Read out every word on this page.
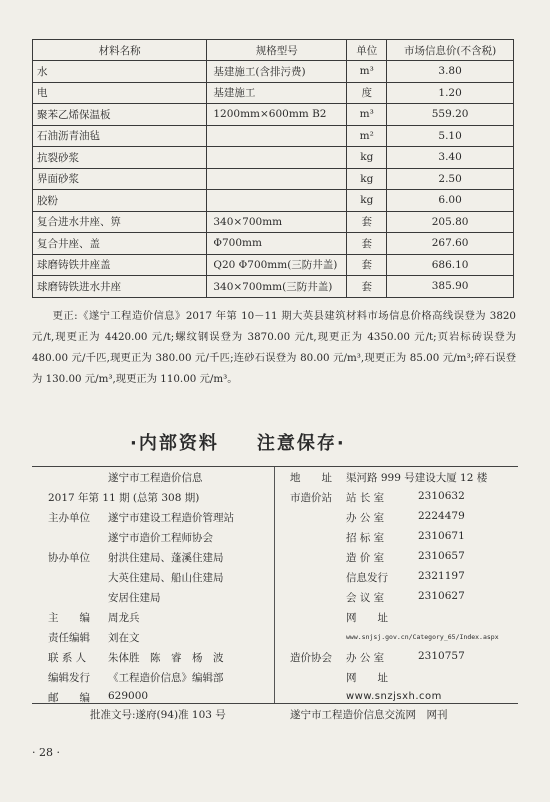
材料名称	规格型号	单位	市场信息价(不含税)
水	基建施工(含排污费)	m³	3.80
电	基建施工	度	1.20
聚苯乙烯保温板	1200mm×600mm B2	m³	559.20
石油沥青油毡		m²	5.10
抗裂砂浆		kg	3.40
界面砂浆		kg	2.50
胶粉		kg	6.00
复合进水井座、箅	340×700mm	套	205.80
复合井座、盖	Φ700mm	套	267.60
球磨铸铁井座盖	Q20 Φ700mm(三防井盖)	套	686.10
球磨铸铁进水井座	340×700mm(三防井盖)	套	385.90

更正:《遂宁工程造价信息》2017 年第 10－11 期大英县建筑材料市场信息价格高线误登为 3820 元/t,现更正为 4420.00 元/t;螺纹钢误登为 3870.00 元/t,现更正为 4350.00 元/t;页岩标砖误登为 480.00 元/千匹,现更正为 380.00 元/千匹;连砂石误登为 80.00 元/m³,现更正为 85.00 元/m³;碎石误登为 130.00 元/m³,现更正为 110.00 元/m³。

·内部资料 注意保存·
遂宁市工程造价信息
2017 年第 11 期 (总第 308 期)
主办单位 遂宁市建设工程造价管理站
遂宁市造价工程师协会
协办单位 射洪住建局、蓬溪住建局
大英住建局、船山住建局
安居住建局
主　　编 周龙兵
责任编辑 刘在文
联 系 人 朱体胜　陈　睿　杨　波
编辑发行 《工程造价信息》编辑部
邮　　编 629000
地　　址 渠河路 999 号建设大厦 12 楼
市造价站 站 长 室	2310632
办 公 室	2224479
招 标 室	2310671
造 价 室	2310657
信息发行	2321197
会 议 室	2310627
网　　址
www.snjsj.gov.cn/Category_65/Index.aspx
造价协会 办 公 室	2310757
网　　址
www.snzjsxh.com
批准文号:遂府(94)准 103 号	遂宁市工程造价信息交流网　网刊
· 28 ·
